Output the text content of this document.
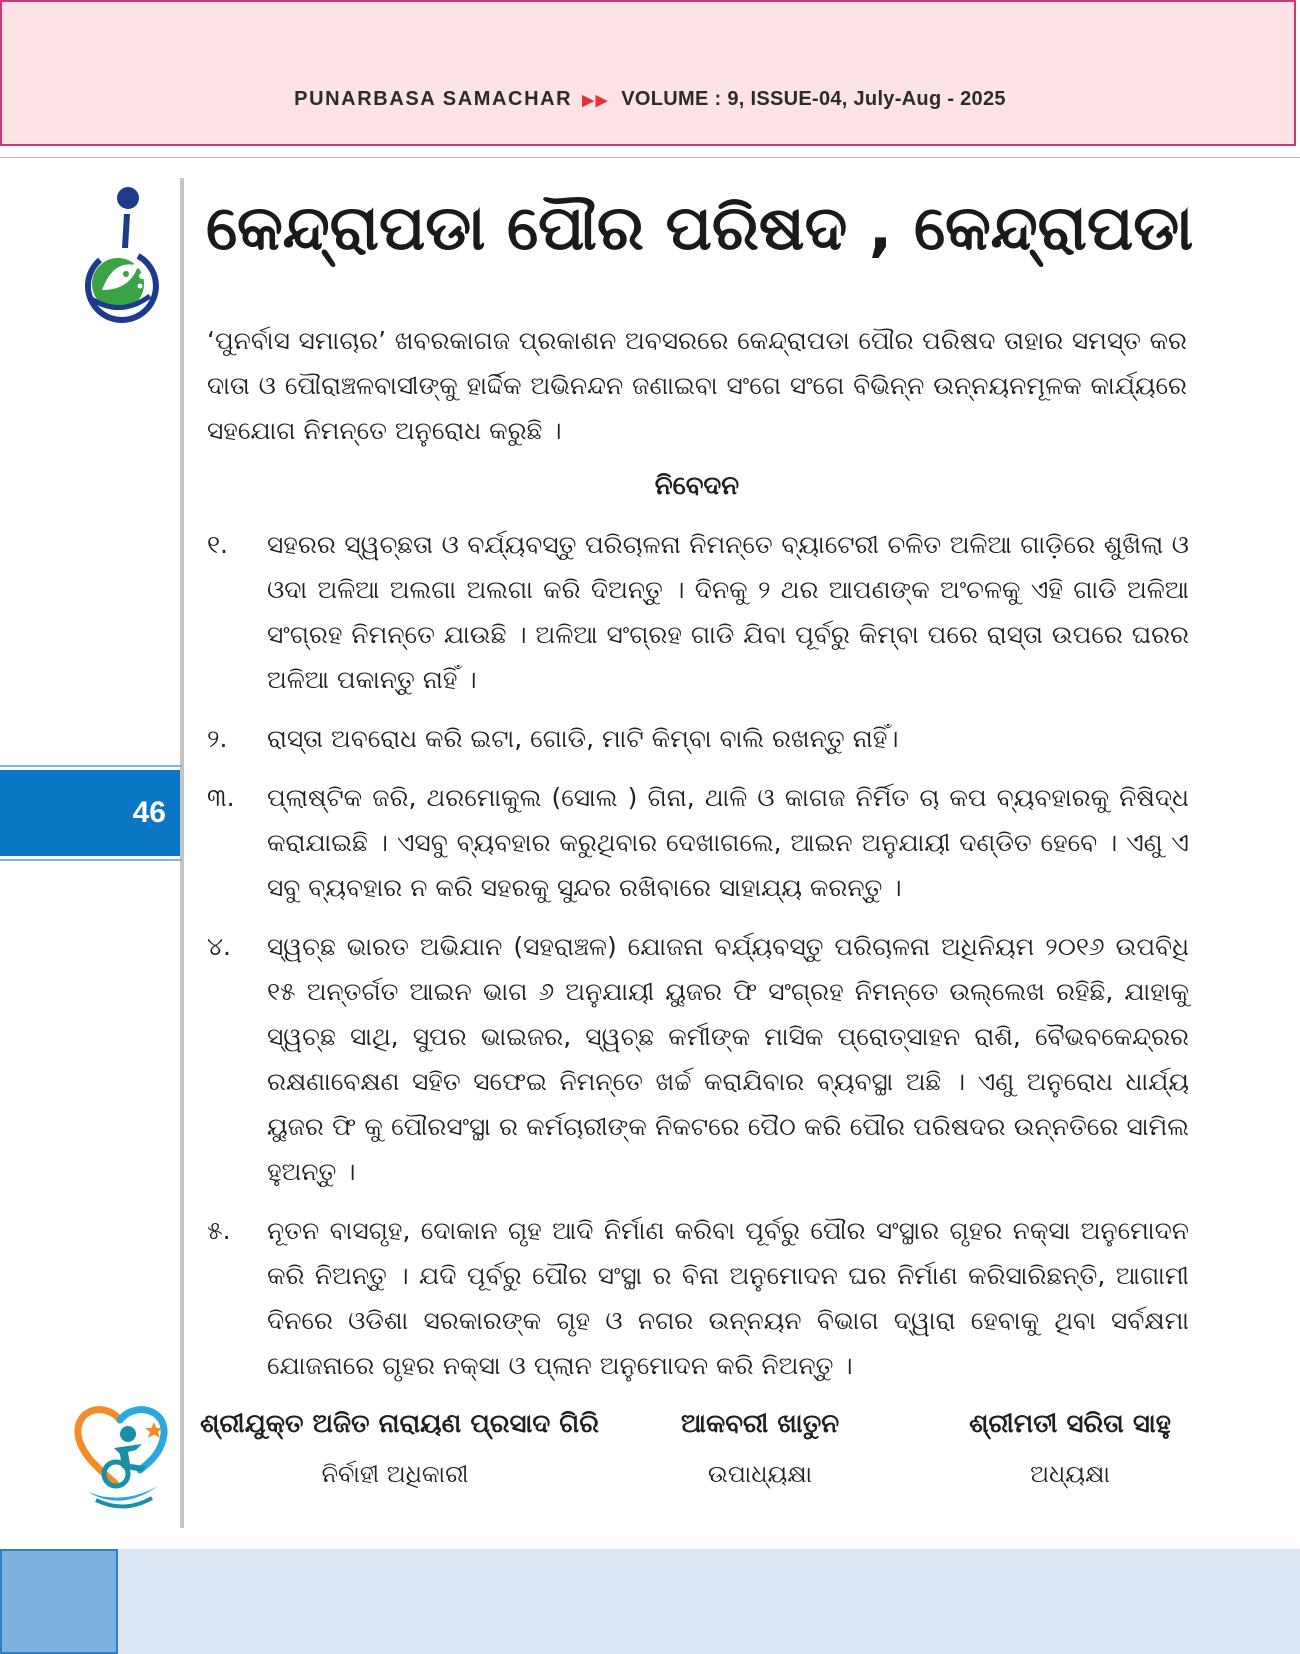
PUNARBASA SAMACHAR ▶▶ VOLUME : 9, ISSUE-04, July-Aug - 2025
46
କେନ୍ଦ୍ରାପଡା ପୌର ପରିଷଦ , କେନ୍ଦ୍ରାପଡା

‘ପୁନର୍ବାସ ସମାଚାର’ ଖବରକାଗଜ ପ୍ରକାଶନ ଅବସରରେ କେନ୍ଦ୍ରାପଡା ପୌର ପରିଷଦ ତାହାର ସମସ୍ତ କର ଦାତା ଓ ପୌରାଞ୍ଚଳବାସୀଙ୍କୁ ହାର୍ଦ୍ଦିକ ଅଭିନନ୍ଦନ ଜଣାଇବା ସଂଗେ ସଂଗେ ବିଭିନ୍ନ ଉନ୍ନୟନମୂଳକ କାର୍ଯ୍ୟରେ ସହଯୋଗ ନିମନ୍ତେ ଅନୁରୋଧ କରୁଛି ।

ନିବେଦନ
୧.	ସହରର ସ୍ୱଚ୍ଛତା ଓ ବର୍ଯ୍ୟବସ୍ତୁ ପରିଚାଳନା ନିମନ୍ତେ ବ୍ୟାଟେରୀ ଚଳିତ ଅଳିଆ ଗାଡ଼ିରେ ଶୁଖିଲା ଓ ଓଦା ଅଳିଆ ଅଲଗା ଅଲଗା କରି ଦିଅନ୍ତୁ । ଦିନକୁ ୨ ଥର ଆପଣଙ୍କ ଅଂଚଳକୁ ଏହି ଗାଡି ଅଳିଆ ସଂଗ୍ରହ ନିମନ୍ତେ ଯାଉଛି । ଅଳିଆ ସଂଗ୍ରହ ଗାଡି ଯିବା ପୂର୍ବରୁ କିମ୍ବା ପରେ ରାସ୍ତା ଉପରେ ଘରର ଅଳିଆ ପକାନ୍ତୁ ନାହିଁ ।
୨.	ରାସ୍ତା ଅବରୋଧ କରି ଇଟା, ଗୋଡି, ମାଟି କିମ୍ବା ବାଲି ରଖନ୍ତୁ ନାହିଁ।
୩.	ପ୍ଲାଷ୍ଟିକ ଜରି, ଥରମୋକୁଲ (ସୋଲ ) ଗିନା, ଥାଳି ଓ କାଗଜ ନିର୍ମିତ ଚା କପ ବ୍ୟବହାରକୁ ନିଷିଦ୍ଧ କରାଯାଇଛି । ଏସବୁ ବ୍ୟବହାର କରୁଥିବାର ଦେଖାଗଲେ, ଆଇନ ଅନୁଯାୟୀ ଦଣ୍ଡିତ ହେବେ । ଏଣୁ ଏ ସବୁ ବ୍ୟବହାର ନ କରି ସହରକୁ ସୁନ୍ଦର ରଖିବାରେ ସାହାଯ୍ୟ କରନ୍ତୁ ।
୪.	ସ୍ୱଚ୍ଛ ଭାରତ ଅଭିଯାନ (ସହରାଞ୍ଚଳ) ଯୋଜନା ବର୍ଯ୍ୟବସ୍ତୁ ପରିଚାଳନା ଅଧିନିୟମ ୨୦୧୬ ଉପବିଧି ୧୫ ଅନ୍ତର୍ଗତ ଆଇନ ଭାଗ ୬ ଅନୁଯାୟୀ ୟୁଜର ଫି ସଂଗ୍ରହ ନିମନ୍ତେ ଉଲ୍ଲେଖ ରହିଛି, ଯାହାକୁ ସ୍ୱଚ୍ଛ ସାଥି, ସୁପର ଭାଇଜର, ସ୍ୱଚ୍ଛ କର୍ମୀଙ୍କ ମାସିକ ପ୍ରୋତ୍ସାହନ ରାଶି, ବୈଭବକେନ୍ଦ୍ରର ରକ୍ଷଣାବେକ୍ଷଣ ସହିତ ସଫେଇ ନିମନ୍ତେ ଖର୍ଚ୍ଚ କରାଯିବାର ବ୍ୟବସ୍ଥା ଅଛି । ଏଣୁ ଅନୁରୋଧ ଧାର୍ଯ୍ୟ ୟୁଜର ଫି କୁ ପୌରସଂସ୍ଥା ର କର୍ମଚାରୀଙ୍କ ନିକଟରେ ପୈଠ କରି ପୌର ପରିଷଦର ଉନ୍ନତିରେ ସାମିଲ ହୁଅନ୍ତୁ ।
୫.	ନୂତନ ବାସଗୃହ, ଦୋକାନ ଗୃହ ଆଦି ନିର୍ମାଣ କରିବା ପୂର୍ବରୁ ପୌର ସଂସ୍ଥାର ଗୃହର ନକ୍ସା ଅନୁମୋଦନ କରି ନିଅନ୍ତୁ । ଯଦି ପୂର୍ବରୁ ପୌର ସଂସ୍ଥା ର ବିନା ଅନୁମୋଦନ ଘର ନିର୍ମାଣ କରିସାରିଛନ୍ତି, ଆଗାମୀ ଦିନରେ ଓଡିଶା ସରକାରଙ୍କ ଗୃହ ଓ ନଗର ଉନ୍ନୟନ ବିଭାଗ ଦ୍ୱାରା ହେବାକୁ ଥିବା ସର୍ବକ୍ଷମା ଯୋଜନାରେ ଗୃହର ନକ୍ସା ଓ ପ୍ଲାନ ଅନୁମୋଦନ କରି ନିଅନ୍ତୁ ।
ଶ୍ରୀଯୁକ୍ତ ଅଜିତ ନାରାୟଣ ପ୍ରସାଦ ଗିରି
ନିର୍ବାହୀ ଅଧିକାରୀ
ଆକବରୀ ଖାତୁନ
ଉପାଧ୍ୟକ୍ଷା
ଶ୍ରୀମତୀ ସରିତା ସାହୁ
ଅଧ୍ୟକ୍ଷା
